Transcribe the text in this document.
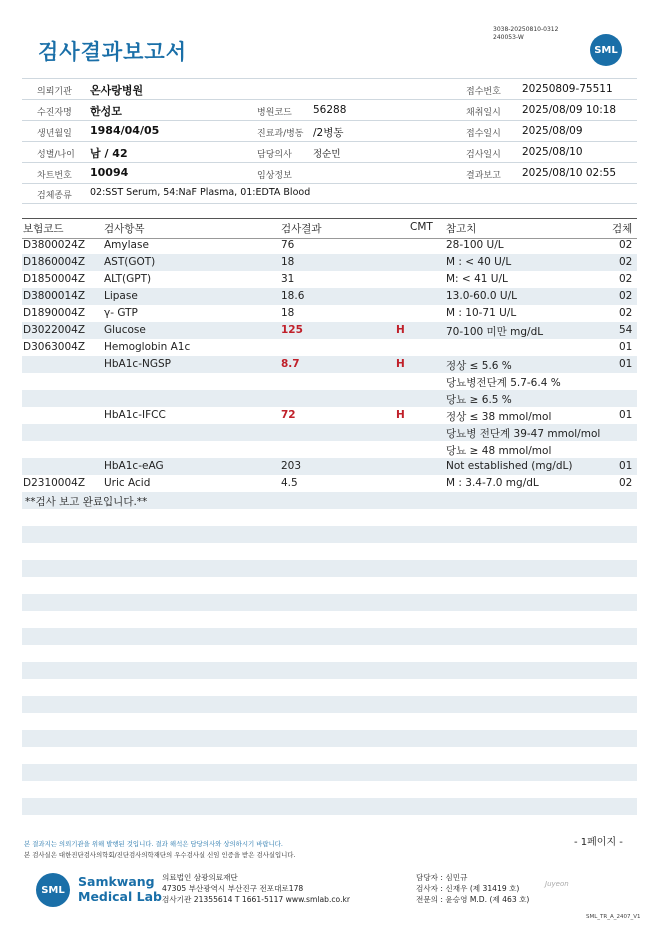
검사결과보고서
3038-20250810-0312
240053-W
SML
의뢰기관 온사랑병원	접수번호 20250809-75511
수진자명 한성모	병원코드 56288	채취일시 2025/08/09 10:18
생년월일 1984/04/05	진료과/병동 /2병동	접수일시 2025/08/09
성별/나이 남 / 42	담당의사 정순민	검사일시 2025/08/10
차트번호 10094	임상정보	결과보고 2025/08/10 02:55
검체종류 02:SST Serum, 54:NaF Plasma, 01:EDTA Blood
보험코드	검사항목	검사결과	CMT 참고치	검체
D3800024Z Amylase	76	28-100 U/L	02
D1860004Z AST(GOT)	18	M : < 40 U/L	02
D1850004Z ALT(GPT)	31	M: < 41 U/L	02
D3800014Z Lipase	18.6	13.0-60.0 U/L	02
D1890004Z γ- GTP	18	M : 10-71 U/L	02
D3022004Z Glucose	125	H	70-100 미만 mg/dL	54
D3063004Z Hemoglobin A1c	01
HbA1c-NGSP	8.7	H	정상 ≤ 5.6 %	01
당뇨병전단계 5.7-6.4 %
당뇨 ≥ 6.5 %
HbA1c-IFCC	72	H	정상 ≤ 38 mmol/mol	01
당뇨병 전단계 39-47 mmol/mol
당뇨 ≥ 48 mmol/mol
HbA1c-eAG	203	Not established (mg/dL)	01
D2310004Z Uric Acid	4.5	M : 3.4-7.0 mg/dL	02
**검사 보고 완료입니다.**
- 1페이지 -
본 결과지는 의뢰기관을 위해 발행된 것입니다. 결과 해석은 담당의사와 상의하시기 바랍니다.
본 검사실은 대한진단검사의학회/진단검사의학재단의 우수검사실 신임 인증을 받은 검사실입니다.
SML
Samkwang
Medical Lab
의료법인 삼광의료재단
47305 부산광역시 부산진구 전포대로178
검사기관 21355614 T 1661-5117 www.smlab.co.kr
담당자 : 심민규
검사자 : 신재우 (제 31419 호)
전문의 : 윤승영 M.D. (제 463 호)
Juyeon
SML_TR_A_2407_V1
